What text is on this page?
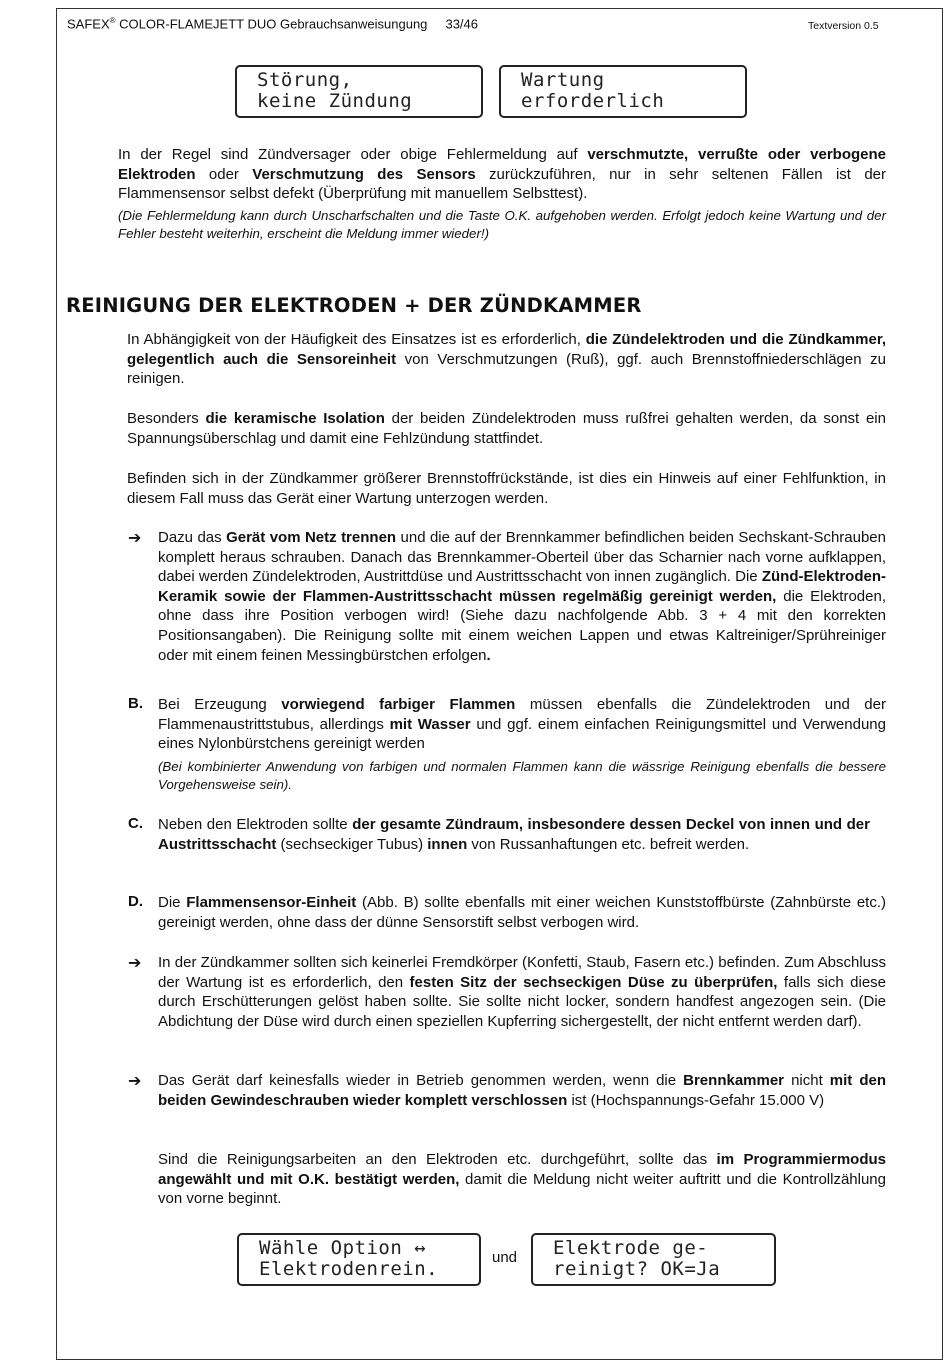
SAFEX® COLOR-FLAMEJETT DUO Gebrauchsanweisungung     33/46	Textversion 0.5
Störung,
keine Zündung
Wartung
erforderlich
In der Regel sind Zündversager oder obige Fehlermeldung auf verschmutzte, verrußte oder verbogene Elektroden oder Verschmutzung des Sensors zurückzuführen, nur in sehr seltenen Fällen ist der Flammensensor selbst defekt (Überprüfung mit manuellem Selbsttest).
(Die Fehlermeldung kann durch Unscharfschalten und die Taste O.K. aufgehoben werden. Erfolgt jedoch keine Wartung und der Fehler besteht weiterhin, erscheint die Meldung immer wieder!)
REINIGUNG DER ELEKTRODEN + DER ZÜNDKAMMER
In Abhängigkeit von der Häufigkeit des Einsatzes ist es erforderlich, die Zündelektroden und die Zündkammer, gelegentlich auch die Sensoreinheit von Verschmutzungen (Ruß), ggf. auch Brennstoffniederschlägen zu reinigen.
Besonders die keramische Isolation der beiden Zündelektroden muss rußfrei gehalten werden, da sonst ein Spannungsüberschlag und damit eine Fehlzündung stattfindet.
Befinden sich in der Zündkammer größerer Brennstoffrückstände, ist dies ein Hinweis auf einer Fehlfunktion, in diesem Fall muss das Gerät einer Wartung unterzogen werden.
➔ Dazu das Gerät vom Netz trennen und die auf der Brennkammer befindlichen beiden Sechskant-Schrauben komplett heraus schrauben. Danach das Brennkammer-Oberteil über das Scharnier nach vorne aufklappen, dabei werden Zündelektroden, Austrittdüse und Austrittsschacht von innen zugänglich. Die Zünd-Elektroden-Keramik sowie der Flammen-Austrittsschacht müssen regelmäßig gereinigt werden, die Elektroden, ohne dass ihre Position verbogen wird! (Siehe dazu nachfolgende Abb. 3 + 4 mit den korrekten Positionsangaben). Die Reinigung sollte mit einem weichen Lappen und etwas Kaltreiniger/Sprühreiniger oder mit einem feinen Messingbürstchen erfolgen.
B. Bei Erzeugung vorwiegend farbiger Flammen müssen ebenfalls die Zündelektroden und der Flammenaustrittstubus, allerdings mit Wasser und ggf. einem einfachen Reinigungsmittel und Verwendung eines Nylonbürstchens gereinigt werden
(Bei kombinierter Anwendung von farbigen und normalen Flammen kann die wässrige Reinigung ebenfalls die bessere Vorgehensweise sein).
C. Neben den Elektroden sollte der gesamte Zündraum, insbesondere dessen Deckel von innen und der Austrittsschacht (sechseckiger Tubus) innen von Russanhaftungen etc. befreit werden.
D. Die Flammensensor-Einheit (Abb. B) sollte ebenfalls mit einer weichen Kunststoffbürste (Zahnbürste etc.) gereinigt werden, ohne dass der dünne Sensorstift selbst verbogen wird.
➔ In der Zündkammer sollten sich keinerlei Fremdkörper (Konfetti, Staub, Fasern etc.) befinden. Zum Abschluss der Wartung ist es erforderlich, den festen Sitz der sechseckigen Düse zu überprüfen, falls sich diese durch Erschütterungen gelöst haben sollte. Sie sollte nicht locker, sondern handfest angezogen sein. (Die Abdichtung der Düse wird durch einen speziellen Kupferring sichergestellt, der nicht entfernt werden darf).
➔ Das Gerät darf keinesfalls wieder in Betrieb genommen werden, wenn die Brennkammer nicht mit den beiden Gewindeschrauben wieder komplett verschlossen ist (Hochspannungs-Gefahr 15.000 V)
Sind die Reinigungsarbeiten an den Elektroden etc. durchgeführt, sollte das im Programmiermodus angewählt und mit O.K. bestätigt werden, damit die Meldung nicht weiter auftritt und die Kontrollzählung von vorne beginnt.
Wähle Option ↔
Elektrodenrein.
und Elektrode ge-
reinigt? OK=Ja
